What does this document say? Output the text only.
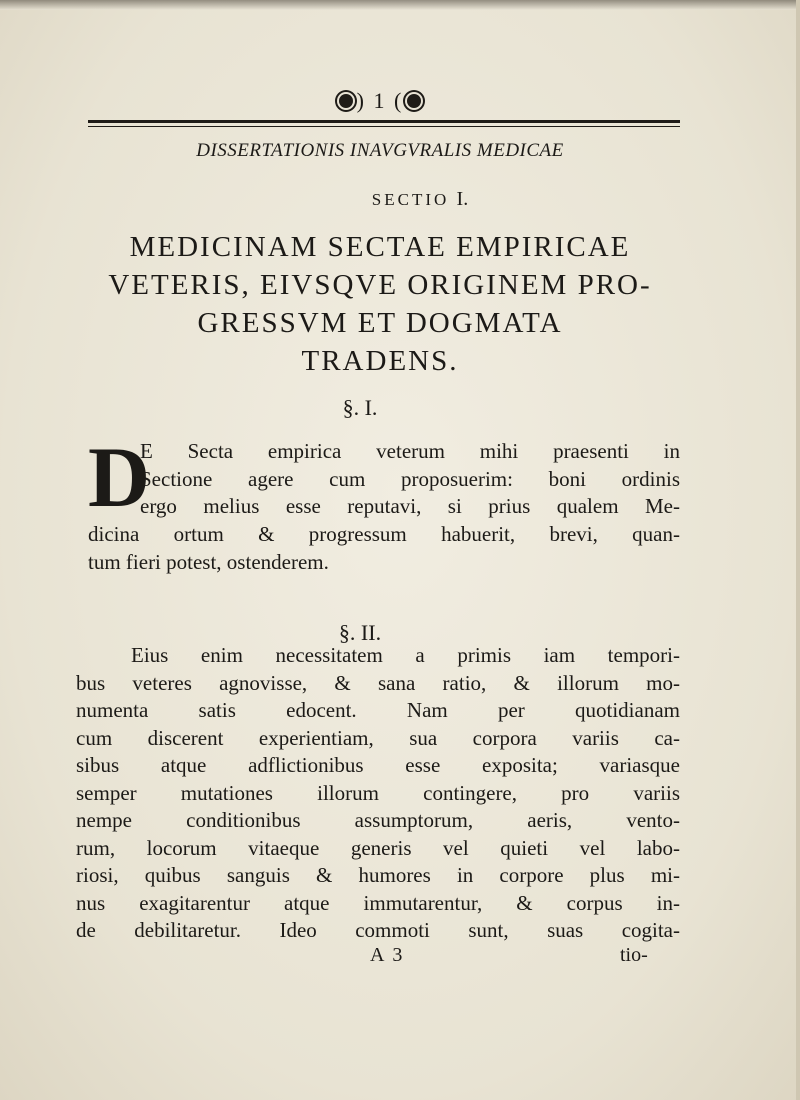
) 1 (
DISSERTATIONIS INAVGVRALIS MEDICAE
SECTIO I.
MEDICINAM SECTAE EMPIRICAE
VETERIS, EIVSQVE ORIGINEM PRO-
GRESSVM ET DOGMATA
TRADENS.
§. I.
D
E Secta empirica veterum mihi praesenti in
Sectione agere cum proposuerim: boni ordinis
ergo melius esse reputavi, si prius qualem Me-
dicina ortum & progressum habuerit, brevi, quan-
tum fieri potest, ostenderem.
§. II.
Eius enim necessitatem a primis iam tempori-
bus veteres agnovisse, & sana ratio, & illorum mo-
numenta satis edocent. Nam per quotidianam
cum discerent experientiam, sua corpora variis ca-
sibus atque adflictionibus esse exposita; variasque
semper mutationes illorum contingere, pro variis
nempe conditionibus assumptorum, aeris, vento-
rum, locorum vitaeque generis vel quieti vel labo-
riosi, quibus sanguis & humores in corpore plus mi-
nus exagitarentur atque immutarentur, & corpus in-
de debilitaretur. Ideo commoti sunt, suas cogita-
A 3	tio-
